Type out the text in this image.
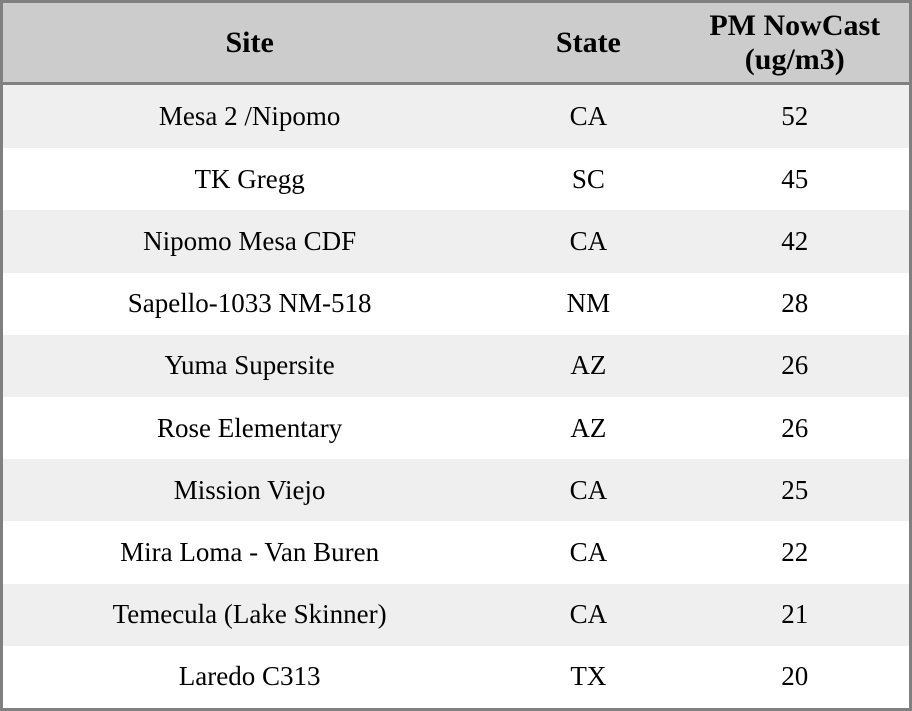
Site	State	PM NowCast (ug/m3)
Mesa 2 /Nipomo	CA	52
TK Gregg	SC	45
Nipomo Mesa CDF	CA	42
Sapello-1033 NM-518	NM	28
Yuma Supersite	AZ	26
Rose Elementary	AZ	26
Mission Viejo	CA	25
Mira Loma - Van Buren	CA	22
Temecula (Lake Skinner)	CA	21
Laredo C313	TX	20
